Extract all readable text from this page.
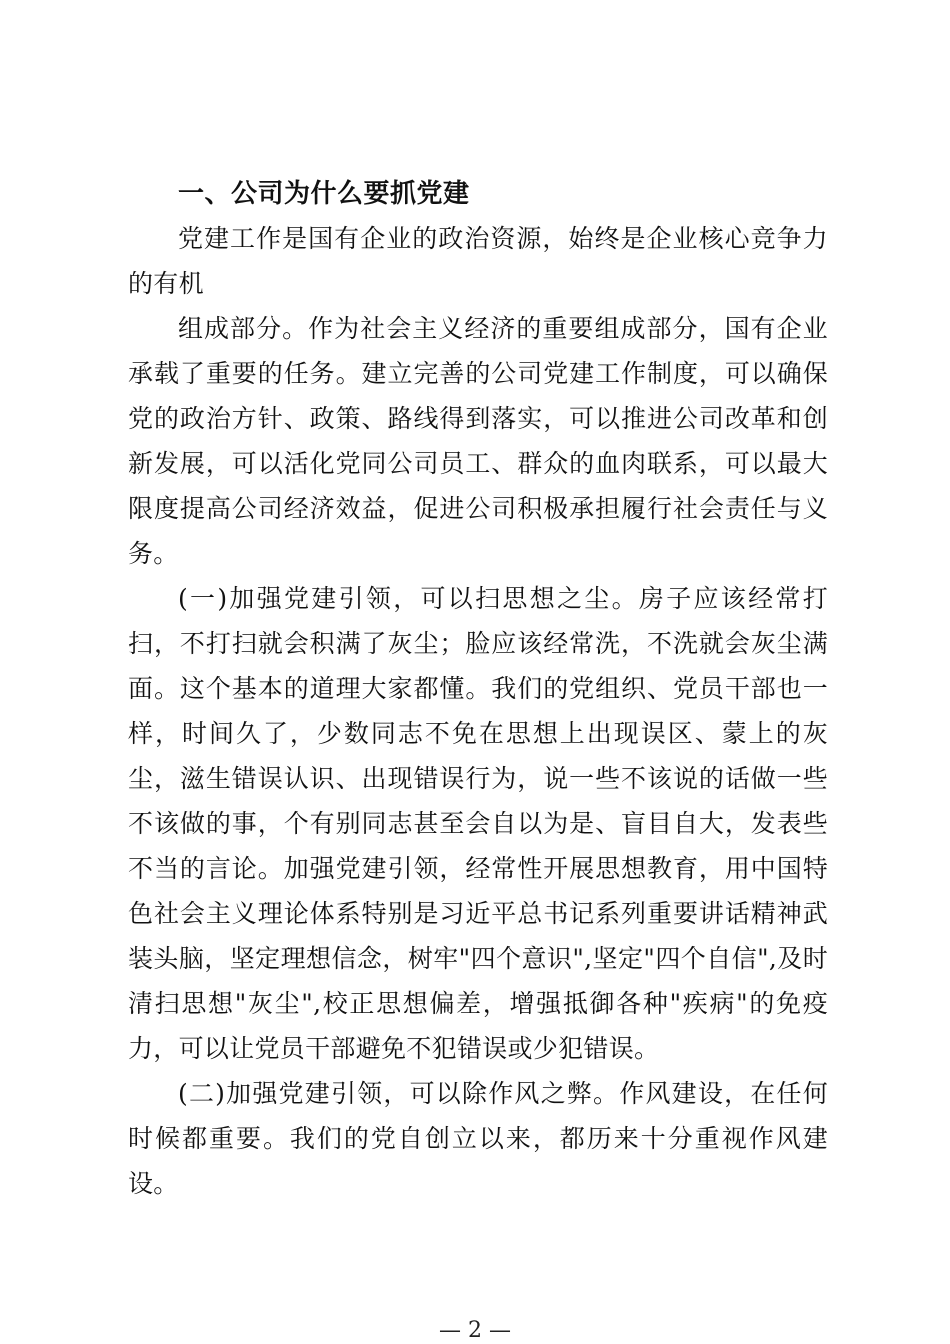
一、公司为什么要抓党建

党建工作是国有企业的政治资源，始终是企业核心竞争力的有机

组成部分。作为社会主义经济的重要组成部分，国有企业承载了重要的任务。建立完善的公司党建工作制度，可以确保党的政治方针、政策、路线得到落实，可以推进公司改革和创新发展，可以活化党同公司员工、群众的血肉联系，可以最大限度提高公司经济效益，促进公司积极承担履行社会责任与义务。

(一)加强党建引领，可以扫思想之尘。房子应该经常打扫，不打扫就会积满了灰尘；脸应该经常洗，不洗就会灰尘满面。这个基本的道理大家都懂。我们的党组织、党员干部也一样，时间久了，少数同志不免在思想上出现误区、蒙上的灰尘，滋生错误认识、出现错误行为，说一些不该说的话做一些不该做的事，个有别同志甚至会自以为是、盲目自大，发表些不当的言论。加强党建引领，经常性开展思想教育，用中国特色社会主义理论体系特别是习近平总书记系列重要讲话精神武装头脑，坚定理想信念，树牢"四个意识",坚定"四个自信",及时清扫思想"灰尘",校正思想偏差，增强抵御各种"疾病"的免疫力，可以让党员干部避免不犯错误或少犯错误。

(二)加强党建引领，可以除作风之弊。作风建设，在任何时候都重要。我们的党自创立以来，都历来十分重视作风建设。

— 2 —
